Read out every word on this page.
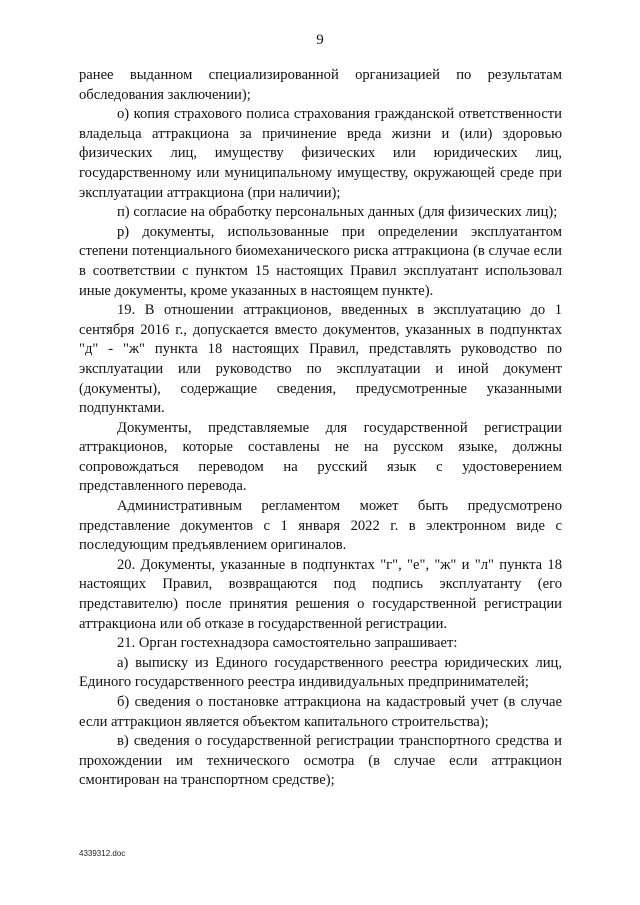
9

ранее выданном специализированной организацией по результатам обследования заключении);

о) копия страхового полиса страхования гражданской ответственности владельца аттракциона за причинение вреда жизни и (или) здоровью физических лиц, имуществу физических или юридических лиц, государственному или муниципальному имуществу, окружающей среде при эксплуатации аттракциона (при наличии);

п) согласие на обработку персональных данных (для физических лиц);

р) документы, использованные при определении эксплуатантом степени потенциального биомеханического риска аттракциона (в случае если в соответствии с пунктом 15 настоящих Правил эксплуатант использовал иные документы, кроме указанных в настоящем пункте).

19. В отношении аттракционов, введенных в эксплуатацию до 1 сентября 2016 г., допускается вместо документов, указанных в подпунктах "д" - "ж" пункта 18 настоящих Правил, представлять руководство по эксплуатации или руководство по эксплуатации и иной документ (документы), содержащие сведения, предусмотренные указанными подпунктами.

Документы, представляемые для государственной регистрации аттракционов, которые составлены не на русском языке, должны сопровождаться переводом на русский язык с удостоверением представленного перевода.

Административным регламентом может быть предусмотрено представление документов с 1 января 2022 г. в электронном виде с последующим предъявлением оригиналов.

20. Документы, указанные в подпунктах "г", "е", "ж" и "л" пункта 18 настоящих Правил, возвращаются под подпись эксплуатанту (его представителю) после принятия решения о государственной регистрации аттракциона или об отказе в государственной регистрации.

21. Орган гостехнадзора самостоятельно запрашивает:

а) выписку из Единого государственного реестра юридических лиц, Единого государственного реестра индивидуальных предпринимателей;

б) сведения о постановке аттракциона на кадастровый учет (в случае если аттракцион является объектом капитального строительства);

в) сведения о государственной регистрации транспортного средства и прохождении им технического осмотра (в случае если аттракцион смонтирован на транспортном средстве);

4339312.doc
